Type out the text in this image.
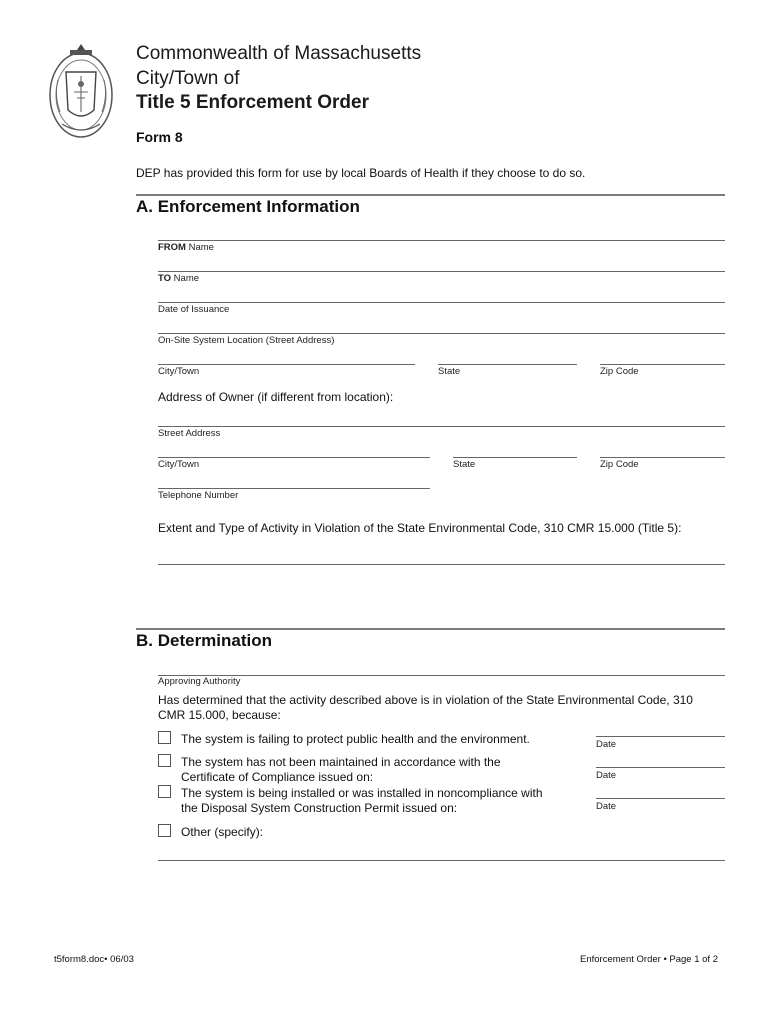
Commonwealth of Massachusetts
City/Town of
Title 5 Enforcement Order
Form 8
DEP has provided this form for use by local Boards of Health if they choose to do so.
A. Enforcement Information
FROM Name
TO Name
Date of Issuance
On-Site System Location (Street Address)
City/Town	State	Zip Code
Address of Owner (if different from location):
Street Address
City/Town	State	Zip Code
Telephone Number
Extent and Type of Activity in Violation of the State Environmental Code, 310 CMR 15.000 (Title 5):
B. Determination
Approving Authority
Has determined that the activity described above is in violation of the State Environmental Code, 310
CMR 15.000, because:
The system is failing to protect public health and the environment.	Date
The system has not been maintained in accordance with the
Certificate of Compliance issued on:	Date
The system is being installed or was installed in noncompliance with
the Disposal System Construction Permit issued on:	Date
Other (specify):
t5form8.doc• 06/03	Enforcement Order • Page 1 of 2
